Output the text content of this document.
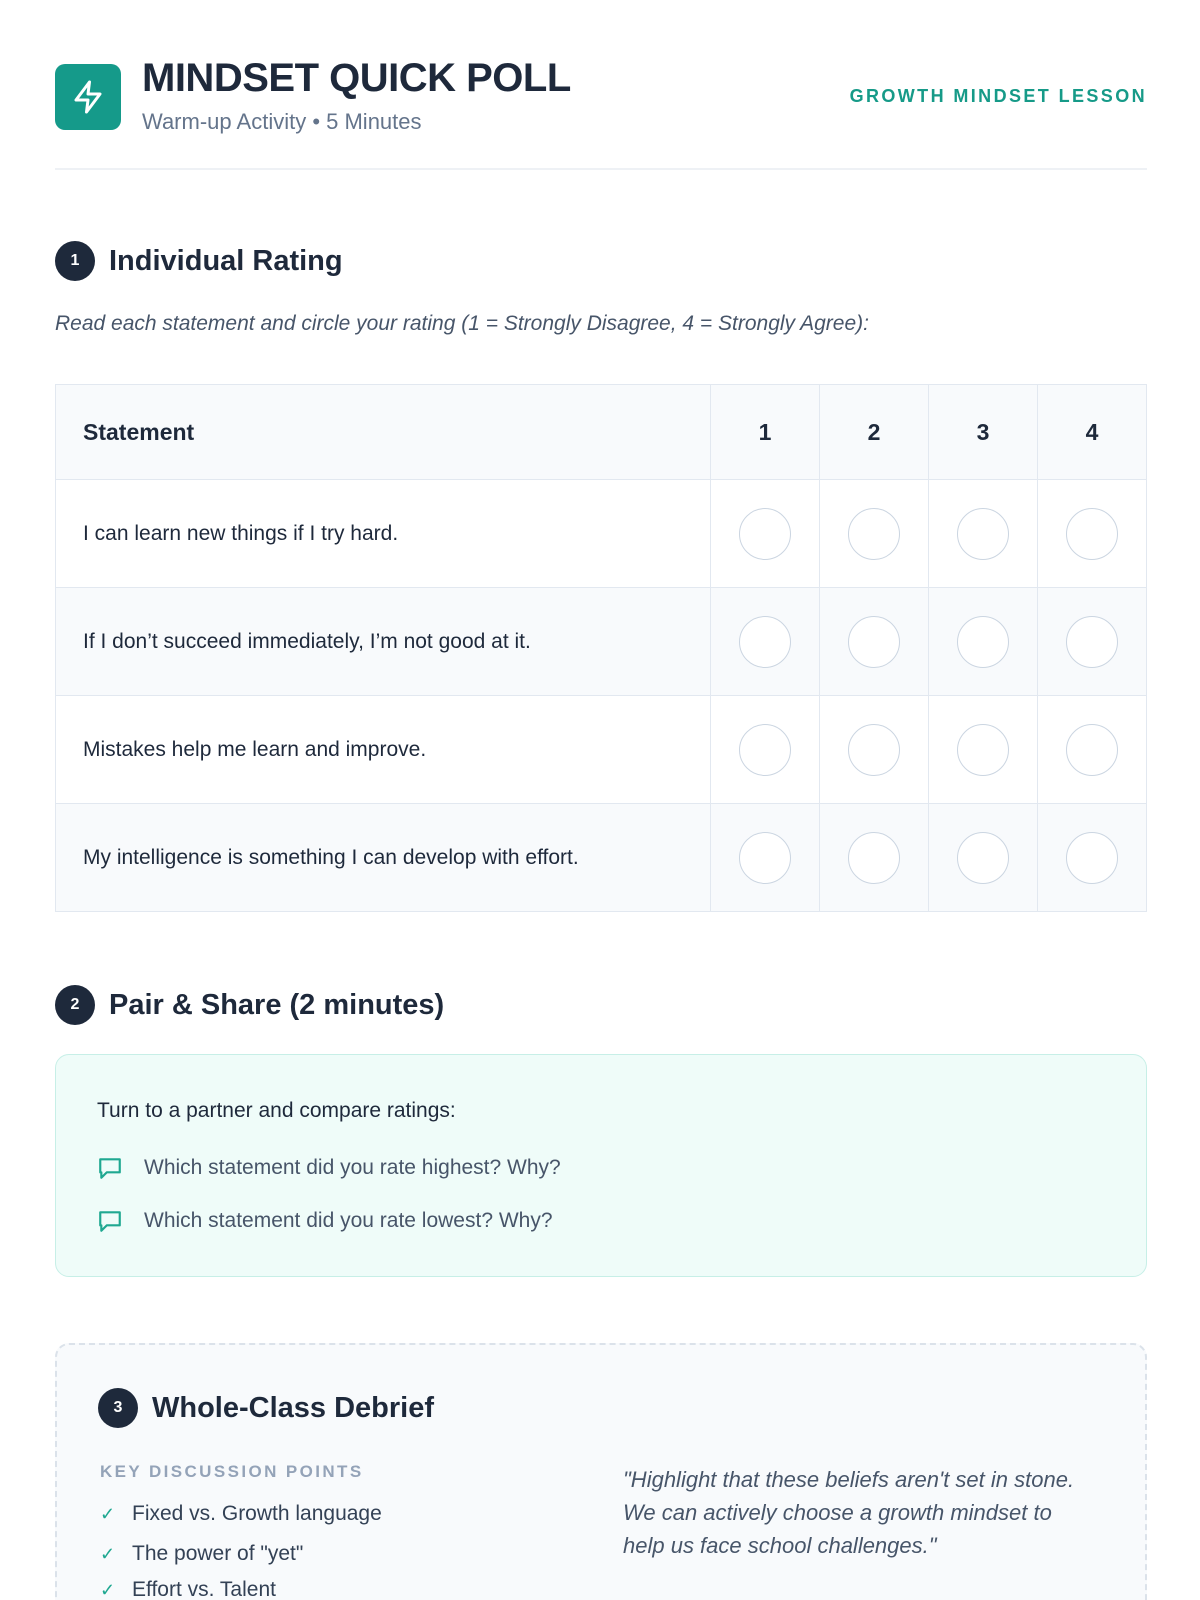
MINDSET QUICK POLL
Warm-up Activity • 5 Minutes
GROWTH MINDSET LESSON
1	Individual Rating
Read each statement and circle your rating (1 = Strongly Disagree, 4 = Strongly Agree):
Statement	1	2	3	4
I can learn new things if I try hard.				
If I don’t succeed immediately, I’m not good at it.				
Mistakes help me learn and improve.				
My intelligence is something I can develop with effort.				
2	Pair & Share (2 minutes)
Turn to a partner and compare ratings:
Which statement did you rate highest? Why?
Which statement did you rate lowest? Why?
3	Whole-Class Debrief
KEY DISCUSSION POINTS
✓ Fixed vs. Growth language
✓ The power of "yet"
✓ Effort vs. Talent
"Highlight that these beliefs aren't set in stone. We can actively choose a growth mindset to help us face school challenges."
